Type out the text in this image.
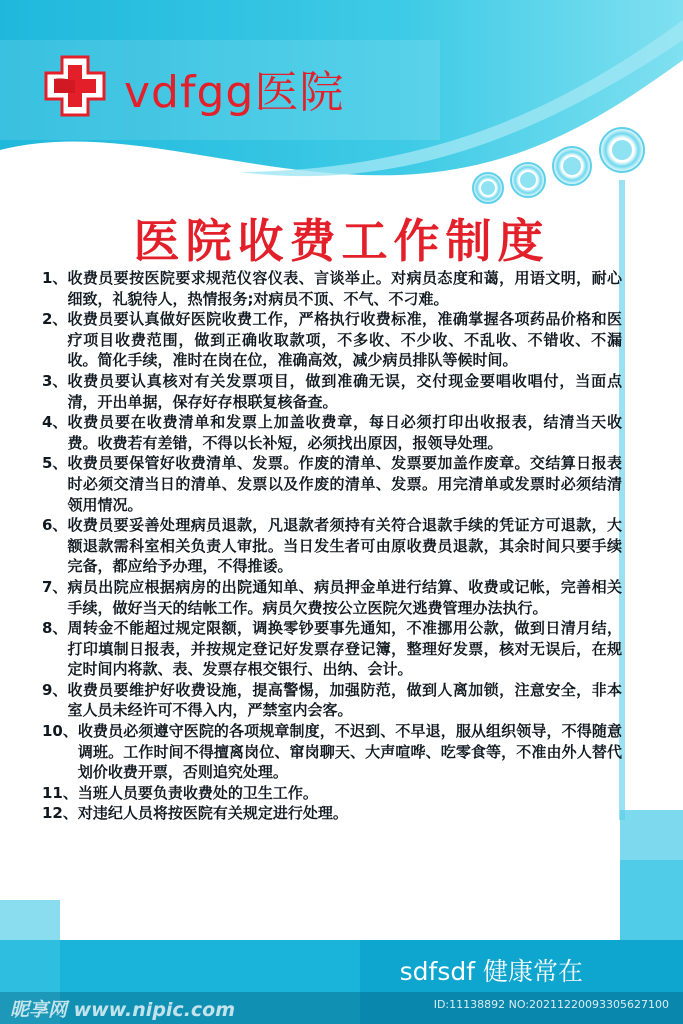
vdfgg医院
医院收费工作制度
1、 收费员要按医院要求规范仪容仪表、言谈举止。对病员态度和蔼，用语文明，耐心细致，礼貌待人，热情报务;对病员不顶、不气、不刁难。
2、 收费员要认真做好医院收费工作，严格执行收费标准，准确掌握各项药品价格和医疗项目收费范围，做到正确收取款项，不多收、不少收、不乱收、不错收、不漏收。简化手续，准时在岗在位，准确高效，减少病员排队等候时间。
3、 收费员要认真核对有关发票项目，做到准确无误，交付现金要唱收唱付，当面点清，开出单据，保存好存根联复核备查。
4、 收费员要在收费清单和发票上加盖收费章，每日必须打印出收报表，结清当天收费。收费若有差错，不得以长补短，必须找出原因，报领导处理。
5、 收费员要保管好收费清单、发票。作废的清单、发票要加盖作废章。交结算日报表时必须交清当日的清单、发票以及作废的清单、发票。用完清单或发票时必须结清领用情况。
6、 收费员要妥善处理病员退款，凡退款者须持有关符合退款手续的凭证方可退款，大额退款需科室相关负责人审批。当日发生者可由原收费员退款，其余时间只要手续完备，都应给予办理，不得推诿。
7、 病员出院应根据病房的出院通知单、病员押金单进行结算、收费或记帐，完善相关手续，做好当天的结帐工作。病员欠费按公立医院欠逃费管理办法执行。
8、 周转金不能超过规定限额，调换零钞要事先通知，不准挪用公款，做到日清月结，打印填制日报表，并按规定登记好发票存登记簿，整理好发票，核对无误后，在规定时间内将款、表、发票存根交银行、出纳、会计。
9、 收费员要维护好收费设施，提高警惕，加强防范，做到人离加锁，注意安全，非本室人员未经许可不得入内，严禁室内会客。
10、 收费员必须遵守医院的各项规章制度，不迟到、不早退，服从组织领导，不得随意调班。工作时间不得擅离岗位、窜岗聊天、大声喧哗、吃零食等，不准由外人替代划价收费开票，否则追究处理。
11、 当班人员要负责收费处的卫生工作。
12、 对违纪人员将按医院有关规定进行处理。
sdfsdf 健康常在
昵享网 www.nipic.com	ID:11138892 NO:20211220093305627100
